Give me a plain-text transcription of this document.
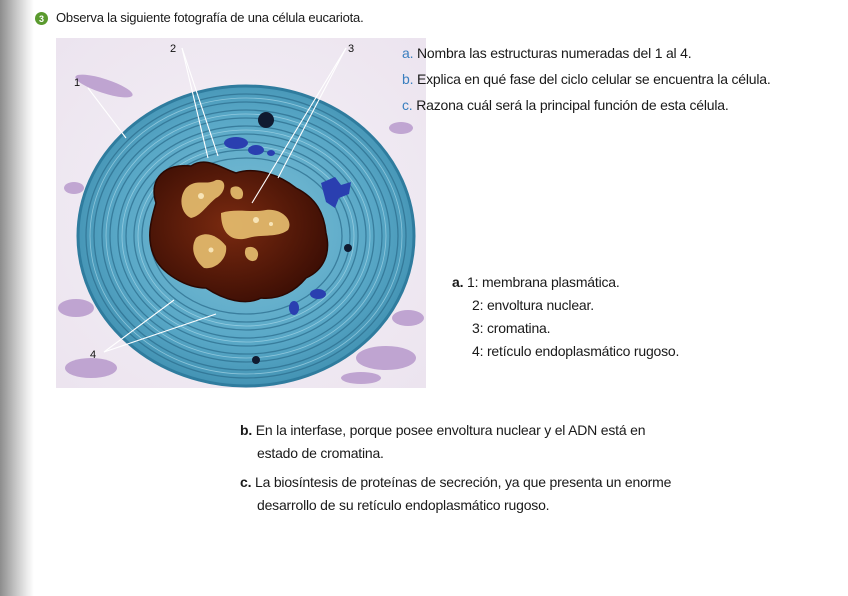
3 Observa la siguiente fotografía de una célula eucariota.
1
2	3
4
a. Nombra las estructuras numeradas del 1 al 4.
b. Explica en qué fase del ciclo celular se encuentra la célula.
c. Razona cuál será la principal función de esta célula.
a. 1: membrana plasmática.
2: envoltura nuclear.
3: cromatina.
4: retículo endoplasmático rugoso.
b. En la interfase, porque posee envoltura nuclear y el ADN está en
estado de cromatina.
c. La biosíntesis de proteínas de secreción, ya que presenta un enorme
desarrollo de su retículo endoplasmático rugoso.
